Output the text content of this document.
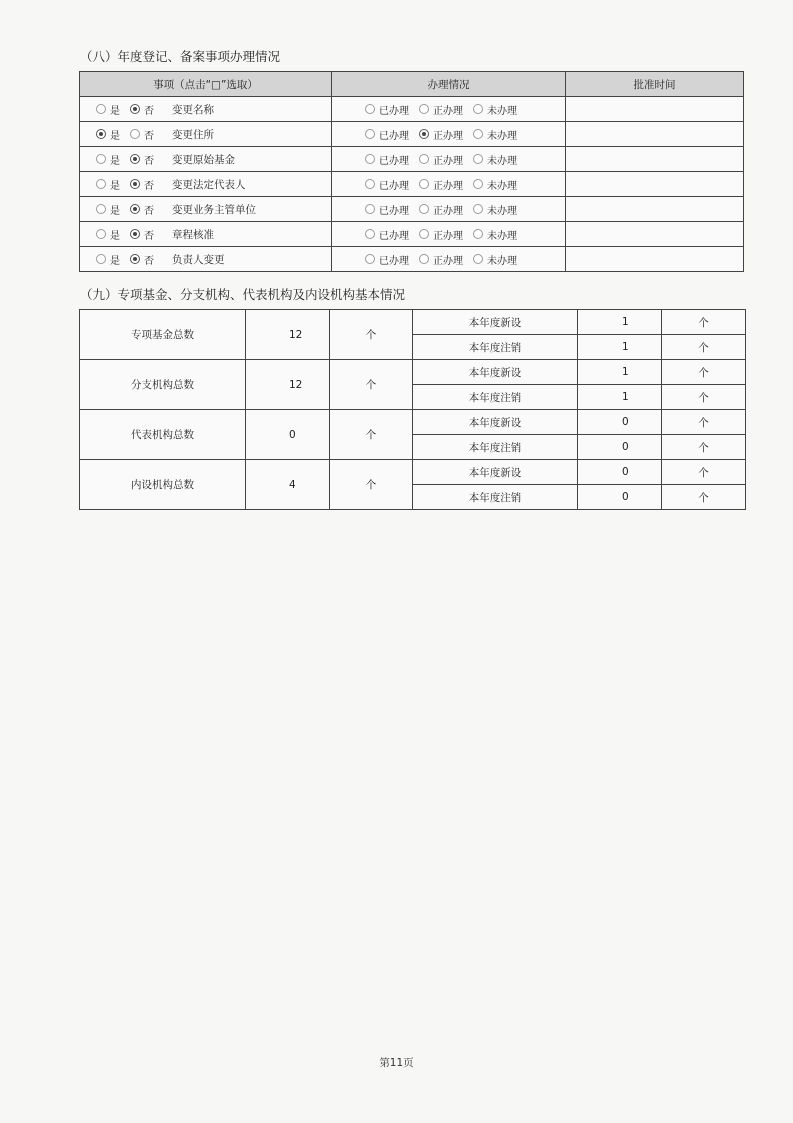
（八）年度登记、备案事项办理情况
事项（点击“□”选取）	办理情况	批准时间

是 否 变更名称	已办理 正办理 未办理	

是 否 变更住所	已办理 正办理 未办理	

是 否 变更原始基金	已办理 正办理 未办理	

是 否 变更法定代表人	已办理 正办理 未办理	

是 否 变更业务主管单位	已办理 正办理 未办理	

是 否 章程核准	已办理 正办理 未办理	

是 否 负责人变更	已办理 正办理 未办理	

（九）专项基金、分支机构、代表机构及内设机构基本情况
专项基金总数	12	个	本年度新设	1	个
			本年度注销	1	个
分支机构总数	12	个	本年度新设	1	个
			本年度注销	1	个
代表机构总数	0	个	本年度新设	0	个
			本年度注销	0	个
内设机构总数	4	个	本年度新设	0	个
			本年度注销	0	个
第11页
